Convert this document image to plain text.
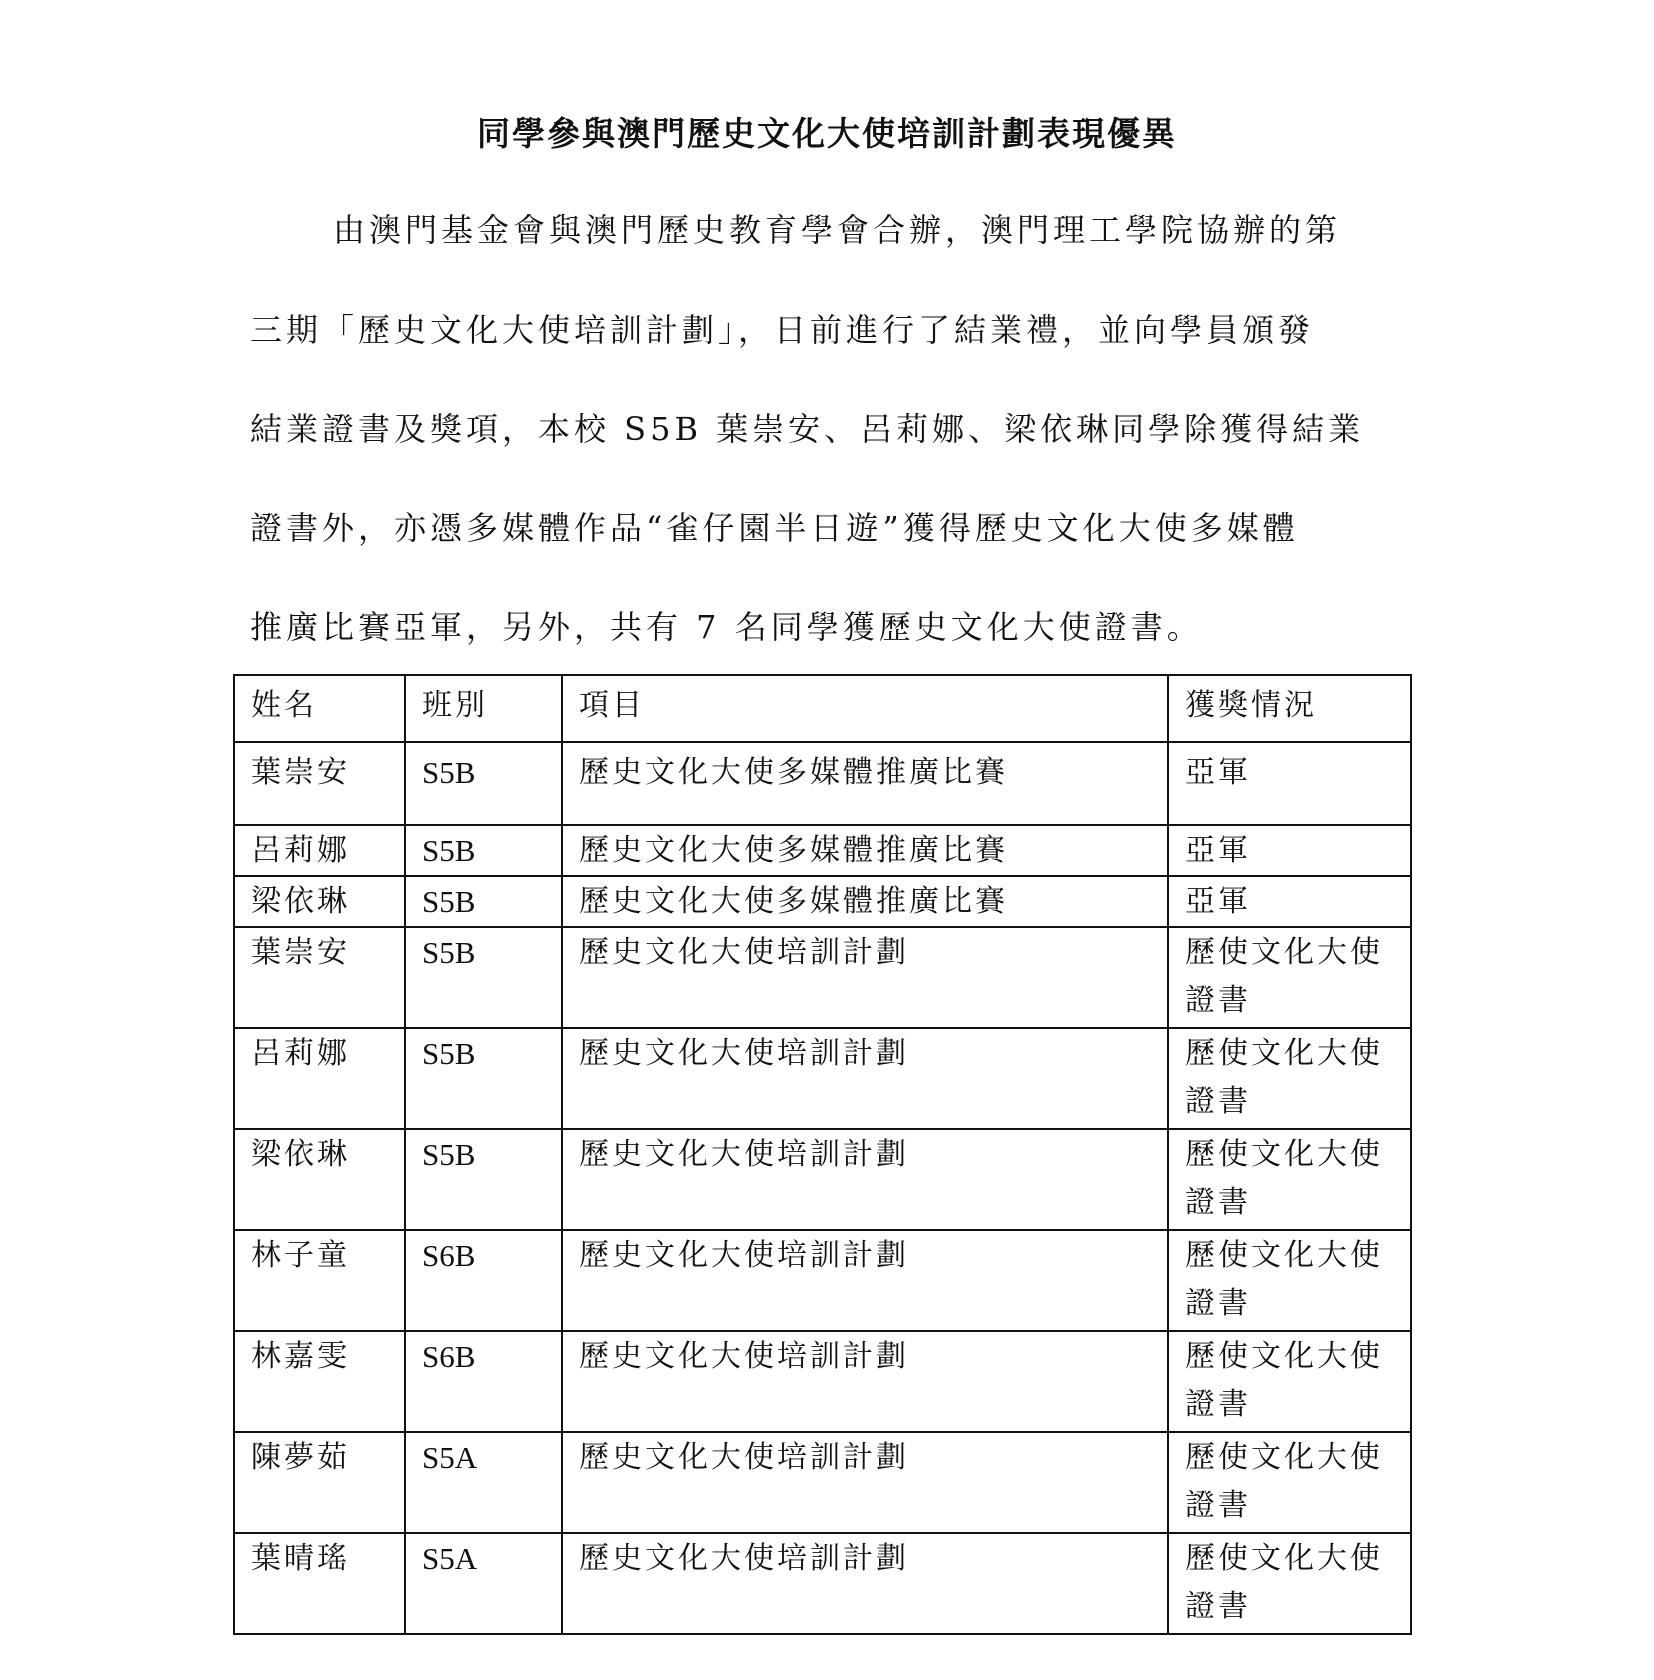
同學參與澳門歷史文化大使培訓計劃表現優異
由澳門基金會與澳門歷史教育學會合辦，澳門理工學院協辦的第
三期「歷史文化大使培訓計劃」，日前進行了結業禮，並向學員頒發
結業證書及獎項，本校 S5B 葉崇安、呂莉娜、梁依琳同學除獲得結業
證書外，亦憑多媒體作品“雀仔園半日遊”獲得歷史文化大使多媒體
推廣比賽亞軍，另外，共有 7 名同學獲歷史文化大使證書。
姓名	班別	項目	獲獎情況
葉崇安	S5B	歷史文化大使多媒體推廣比賽	亞軍
呂莉娜	S5B	歷史文化大使多媒體推廣比賽	亞軍
梁依琳	S5B	歷史文化大使多媒體推廣比賽	亞軍
葉崇安	S5B	歷史文化大使培訓計劃	歷使文化大使證書
呂莉娜	S5B	歷史文化大使培訓計劃	歷使文化大使證書
梁依琳	S5B	歷史文化大使培訓計劃	歷使文化大使證書
林子童	S6B	歷史文化大使培訓計劃	歷使文化大使證書
林嘉雯	S6B	歷史文化大使培訓計劃	歷使文化大使證書
陳夢茹	S5A	歷史文化大使培訓計劃	歷使文化大使證書
葉晴瑤	S5A	歷史文化大使培訓計劃	歷使文化大使證書
